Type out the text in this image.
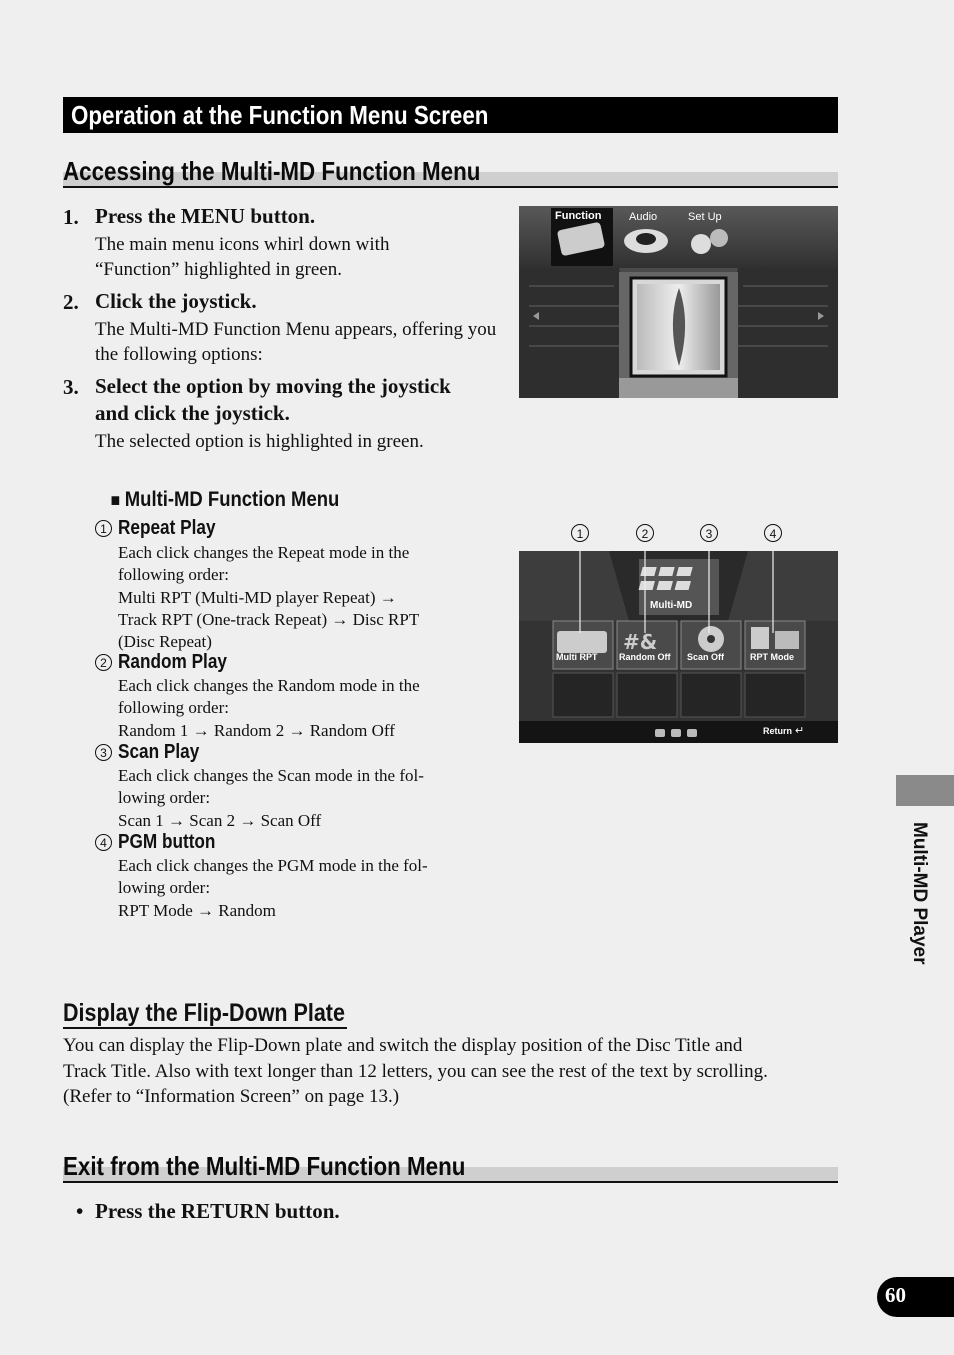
Operation at the Function Menu Screen
Accessing the Multi-MD Function Menu
1. Press the MENU button.
The main menu icons whirl down with “Function” highlighted in green.
2. Click the joystick.
The Multi-MD Function Menu appears, offering you the following options:
3. Select the option by moving the joystick
and click the joystick.
The selected option is highlighted in green.
Function	Audio	Set Up
■ Multi-MD Function Menu
1 Repeat Play
Each click changes the Repeat mode in the
following order:
Multi RPT (Multi-MD player Repeat) →
Track RPT (One-track Repeat) → Disc RPT
(Disc Repeat)
2 Random Play
Each click changes the Random mode in the
following order:
Random 1 → Random 2 → Random Off
3 Scan Play
Each click changes the Scan mode in the fol-
lowing order:
Scan 1 → Scan 2 → Scan Off
4 PGM button
Each click changes the PGM mode in the fol-
lowing order:
RPT Mode → Random
1	2	3	4
#&
Multi-MD
Multi RPT Random Off Scan Off	RPT Mode
Return ↵
Display the Flip-Down Plate
You can display the Flip-Down plate and switch the display position of the Disc Title and
Track Title. Also with text longer than 12 letters, you can see the rest of the text by scrolling.
(Refer to “Information Screen” on page 13.)
Exit from the Multi-MD Function Menu
• Press the RETURN button.
Multi-MD Player
60
